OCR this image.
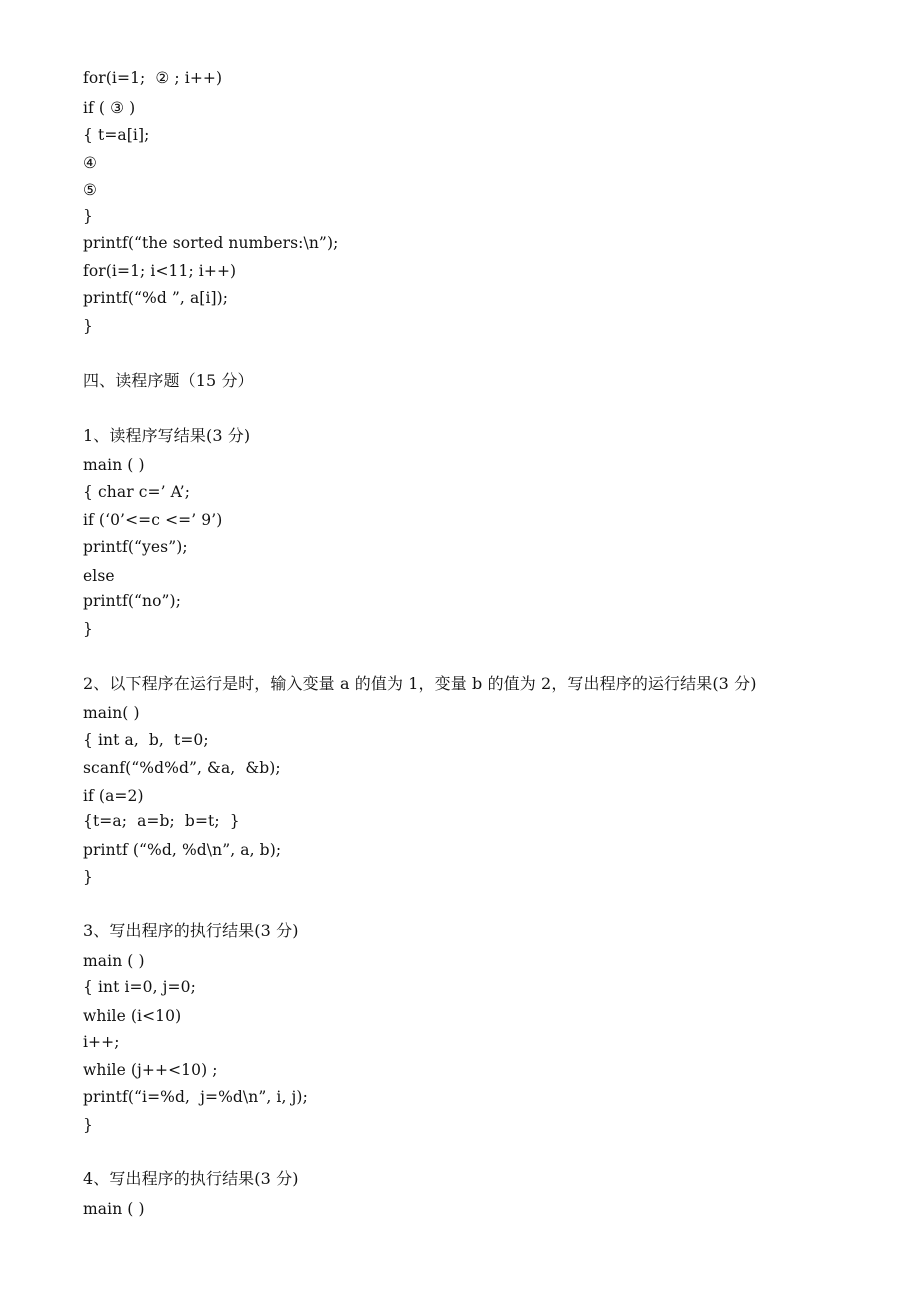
for(i=1;  ② ; i++)
if ( ③ )
{ t=a[i];
④
⑤
}
printf(“the sorted numbers:\n”);
for(i=1; i<11; i++)
printf(“%d ”, a[i]);
}
四、读程序题（15 分）
1、读程序写结果(3 分)
main ( )
{ char c=’ A’;
if (‘0’<=c <=’ 9’)
printf(“yes”);
else
printf(“no”);
}
2、以下程序在运行是时，输入变量 a 的值为 1，变量 b 的值为 2，写出程序的运行结果(3 分)
main( )
{ int a,  b,  t=0;
scanf(“%d%d”, &a,  &b);
if (a=2)
{t=a;  a=b;  b=t;  }
printf (“%d, %d\n”, a, b);
}
3、写出程序的执行结果(3 分)
main ( )
{ int i=0, j=0;
while (i<10)
i++;
while (j++<10) ;
printf(“i=%d,  j=%d\n”, i, j);
}
4、写出程序的执行结果(3 分)
main ( )
